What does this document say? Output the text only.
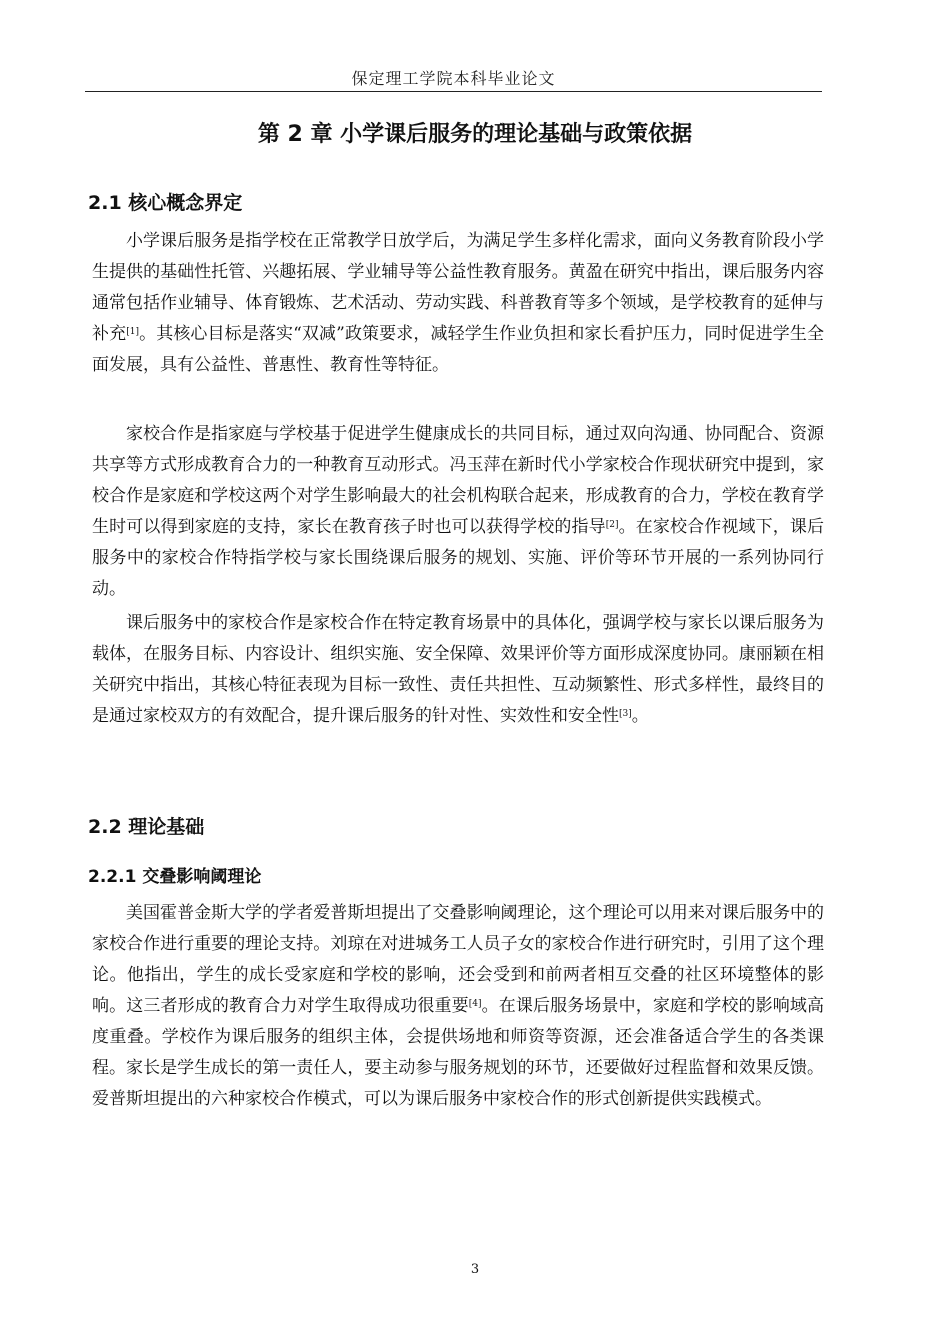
保定理工学院本科毕业论文
第 2 章 小学课后服务的理论基础与政策依据
2.1 核心概念界定

小学课后服务是指学校在正常教学日放学后，为满足学生多样化需求，面向义务教育阶段小学生提供的基础性托管、兴趣拓展、学业辅导等公益性教育服务。黄盈在研究中指出，课后服务内容通常包括作业辅导、体育锻炼、艺术活动、劳动实践、科普教育等多个领域，是学校教育的延伸与补充[1]。其核心目标是落实“双减”政策要求，减轻学生作业负担和家长看护压力，同时促进学生全面发展，具有公益性、普惠性、教育性等特征。

家校合作是指家庭与学校基于促进学生健康成长的共同目标，通过双向沟通、协同配合、资源共享等方式形成教育合力的一种教育互动形式。冯玉萍在新时代小学家校合作现状研究中提到，家校合作是家庭和学校这两个对学生影响最大的社会机构联合起来，形成教育的合力，学校在教育学生时可以得到家庭的支持，家长在教育孩子时也可以获得学校的指导[2]。在家校合作视域下，课后服务中的家校合作特指学校与家长围绕课后服务的规划、实施、评价等环节开展的一系列协同行动。

课后服务中的家校合作是家校合作在特定教育场景中的具体化，强调学校与家长以课后服务为载体，在服务目标、内容设计、组织实施、安全保障、效果评价等方面形成深度协同。康丽颖在相关研究中指出，其核心特征表现为目标一致性、责任共担性、互动频繁性、形式多样性，最终目的是通过家校双方的有效配合，提升课后服务的针对性、实效性和安全性[3]。

2.2 理论基础
2.2.1 交叠影响阈理论

美国霍普金斯大学的学者爱普斯坦提出了交叠影响阈理论，这个理论可以用来对课后服务中的家校合作进行重要的理论支持。刘琼在对进城务工人员子女的家校合作进行研究时，引用了这个理论。他指出，学生的成长受家庭和学校的影响，还会受到和前两者相互交叠的社区环境整体的影响。这三者形成的教育合力对学生取得成功很重要[4]。在课后服务场景中，家庭和学校的影响域高度重叠。学校作为课后服务的组织主体，会提供场地和师资等资源，还会准备适合学生的各类课程。家长是学生成长的第一责任人，要主动参与服务规划的环节，还要做好过程监督和效果反馈。爱普斯坦提出的六种家校合作模式，可以为课后服务中家校合作的形式创新提供实践模式。

3
